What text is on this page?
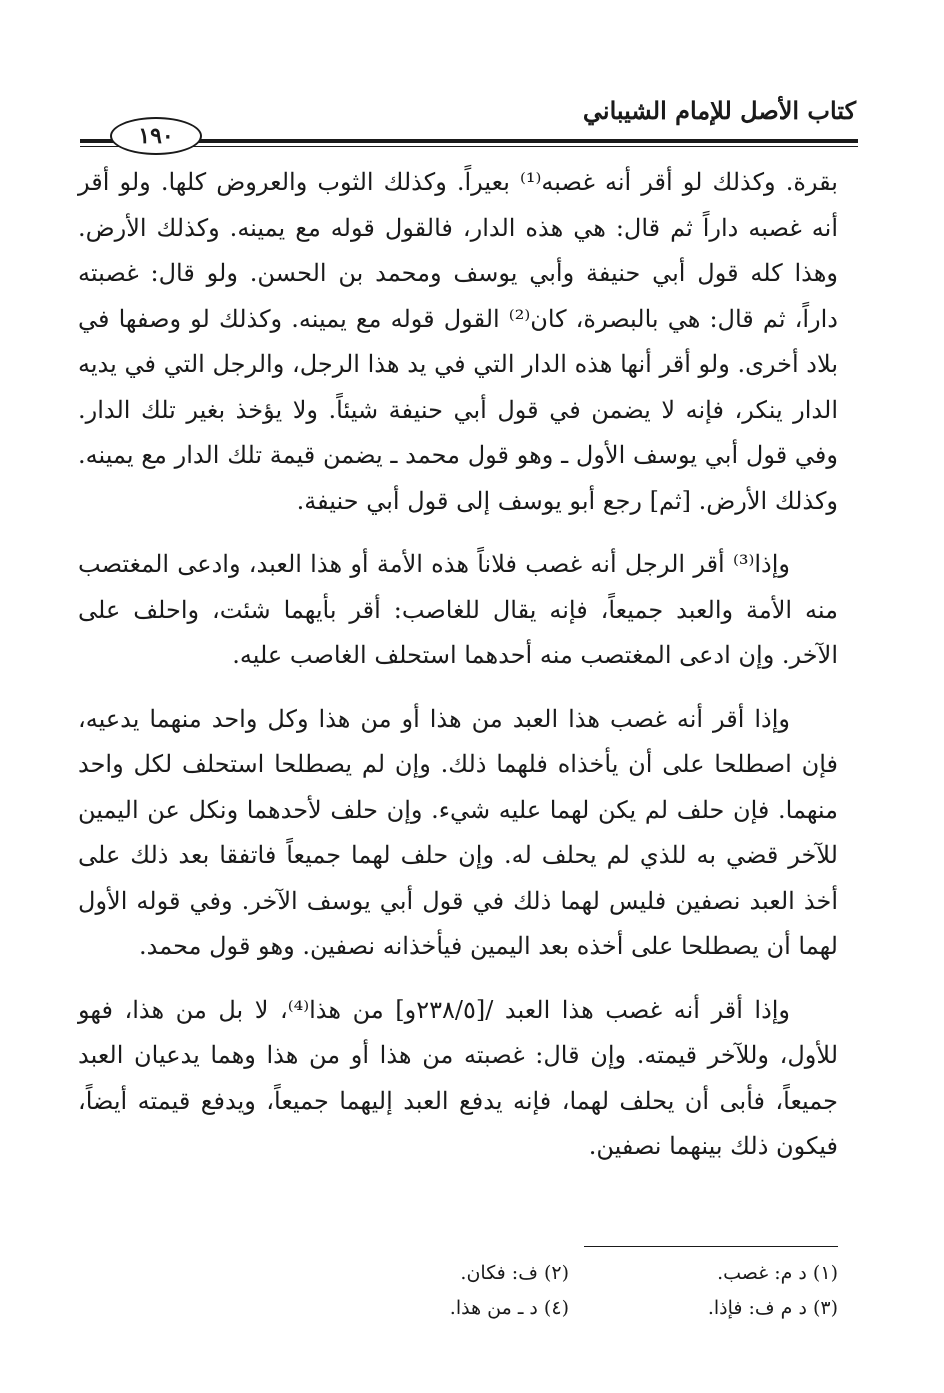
كتاب الأصل للإمام الشيباني
١٩٠

بقرة. وكذلك لو أقر أنه غصبه⁽¹⁾ بعيراً. وكذلك الثوب والعروض كلها. ولو أقر أنه غصبه داراً ثم قال: هي هذه الدار، فالقول قوله مع يمينه. وكذلك الأرض. وهذا كله قول أبي حنيفة وأبي يوسف ومحمد بن الحسن. ولو قال: غصبته داراً، ثم قال: هي بالبصرة، كان⁽²⁾ القول قوله مع يمينه. وكذلك لو وصفها في بلاد أخرى. ولو أقر أنها هذه الدار التي في يد هذا الرجل، والرجل التي في يديه الدار ينكر، فإنه لا يضمن في قول أبي حنيفة شيئاً. ولا يؤخذ بغير تلك الدار. وفي قول أبي يوسف الأول ـ وهو قول محمد ـ يضمن قيمة تلك الدار مع يمينه. وكذلك الأرض. [ثم] رجع أبو يوسف إلى قول أبي حنيفة.

وإذا⁽³⁾ أقر الرجل أنه غصب فلاناً هذه الأمة أو هذا العبد، وادعى المغتصب منه الأمة والعبد جميعاً، فإنه يقال للغاصب: أقر بأيهما شئت، واحلف على الآخر. وإن ادعى المغتصب منه أحدهما استحلف الغاصب عليه.

وإذا أقر أنه غصب هذا العبد من هذا أو من هذا وكل واحد منهما يدعيه، فإن اصطلحا على أن يأخذاه فلهما ذلك. وإن لم يصطلحا استحلف لكل واحد منهما. فإن حلف لم يكن لهما عليه شيء. وإن حلف لأحدهما ونكل عن اليمين للآخر قضي به للذي لم يحلف له. وإن حلف لهما جميعاً فاتفقا بعد ذلك على أخذ العبد نصفين فليس لهما ذلك في قول أبي يوسف الآخر. وفي قوله الأول لهما أن يصطلحا على أخذه بعد اليمين فيأخذانه نصفين. وهو قول محمد.

وإذا أقر أنه غصب هذا العبد /[٢٣٨/٥و] من هذا⁽⁴⁾، لا بل من هذا، فهو للأول، وللآخر قيمته. وإن قال: غصبته من هذا أو من هذا وهما يدعيان العبد جميعاً، فأبى أن يحلف لهما، فإنه يدفع العبد إليهما جميعاً، ويدفع قيمته أيضاً، فيكون ذلك بينهما نصفين.

(١) د م: غصب.
(٢) ف: فكان.
(٣) د م ف: فإذا.
(٤) د ـ من هذا.
